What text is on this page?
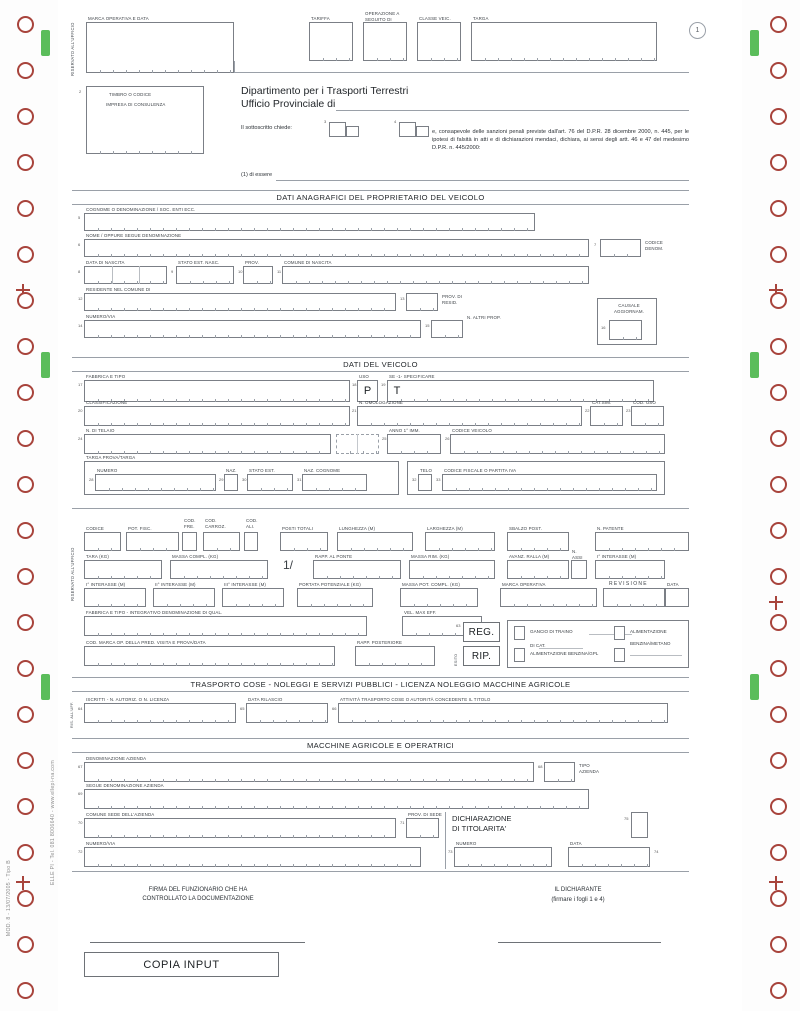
MOD. 8 - 13/07/2005 - Tipo B
ELLE PI - Tel. 081 8006640 - www.ellepi-na.com
RISERVATO ALL'UFFICIO
MARCA OPERATIVA E DATA	TARIFFA
OPERAZIONE A SEGUITO DI	CLASSE VEIC.	TARGA
1
2
TIMBRO O CODICE
IMPRESA DI CONSULENZA
Dipartimento per i Trasporti Terrestri
Ufficio Provinciale di
Il sottoscritto chiede:
3	4
e, consapevole delle sanzioni penali previste dall'art. 76 del D.P.R. 28 dicembre 2000, n. 445, per le ipotesi di falsità in atti e di dichiarazioni mendaci, dichiara, ai sensi degli artt. 46 e 47 del medesimo D.P.R. n. 445/2000:
(1) di essere
DATI ANAGRAFICI DEL PROPRIETARIO DEL VEICOLO
5
COGNOME O DENOMINAZIONE / SOC. ENTI ECC.
6
NOME / OPPURE SEGUE DENOMINAZIONE
7	CODICE DENOM.
8
DATA DI NASCITA
9
STATO EST. NASC.
10
PROV.
11
COMUNE DI NASCITA
12
RESIDENTE NEL COMUNE DI
13	PROV. DI RESID.
14
NUMERO/VIA
15
N. ALTRI PROP.
CAUSALE AGGIORNAM.
16
DATI DEL VEICOLO
17
FABBRICA E TIPO
18
USO
P
19
SE -1- SPECIFICARE
T
20
CLASSIFICAZIONE
21
N. OMOLOGAZIONE
22
CAT.SIM.
23
COD. USO
24
N. DI TELAIO
25
ANNO 1° IMM.
26
CODICE VEICOLO
TARGA PROVA/TARGA
28
NUMERO
29
NAZ.
30
STATO EST.
31
NAZ. COGNOME
32
TELO
33
CODICE FISCALE O PARTITA IVA
RISERVATO ALL'UFFICIO
CODICE	POT. FISC.
COD. FRE.
COD. CARROZ.
COD. ALI.	POSTI TOTALI	LUNGHEZZA (M)	LARGHEZZA (M)	SBALZO POST.	N. PATENTE
TARA (KG)	MASSA COMPL. (KG)
1/
RAPP. AL PONTE	MASSA RIM. (KG)	AVANZ. RALLA (M)
N. ASSI	I° INTERASSE (M)
I° INTERASSE (M)	II° INTERASSE (M)	III° INTERASSE (M)	PORTATA POTENZIALE (KG)	MASSA POT. COMPL. (KG)	MARCA OPERATIVA	REVISIONE	DATA
FABBRICA E TIPO - INTEGRATIVO DENOMINAZIONE DI QUAL.	VEL. MAX EFF.
COD. MARCA OP. DELLA PRED. VISITA E PROVA/DATA	RAPP. POSTERIORE
63
REG.
RIP.
ESITO
GANCIO DI TRAINO
DI CAT.
ALIMENTAZIONE BENZINA/GPL
ALIMENTAZIONE
BENZINA/METANO
TRASPORTO COSE - NOLEGGI E SERVIZI PUBBLICI - LICENZA NOLEGGIO MACCHINE AGRICOLE
RIS. ALL'UFF. 64
ISCRITTI - N. AUTORIZ. O N. LICENZA
65
DATA RILASCIO
66
ATTIVITÀ TRASPORTO COSE O AUTORITÀ CONCEDENTE IL TITOLO
MACCHINE AGRICOLE E OPERATRICI
67
DENOMINAZIONE AZIENDA
68	TIPO AZIENDA
69
SEGUE DENOMINAZIONE AZIENDA
70
COMUNE SEDE DELL'AZIENDA
71
PROV. DI SEDE
72
NUMERO/VIA
DICHIARAZIONE
DI TITOLARITA'
73
NUMERO	DATA
74
75
FIRMA DEL FUNZIONARIO CHE HA
CONTROLLATO LA DOCUMENTAZIONE
IL DICHIARANTE
(firmare i fogli 1 e 4)
COPIA INPUT
